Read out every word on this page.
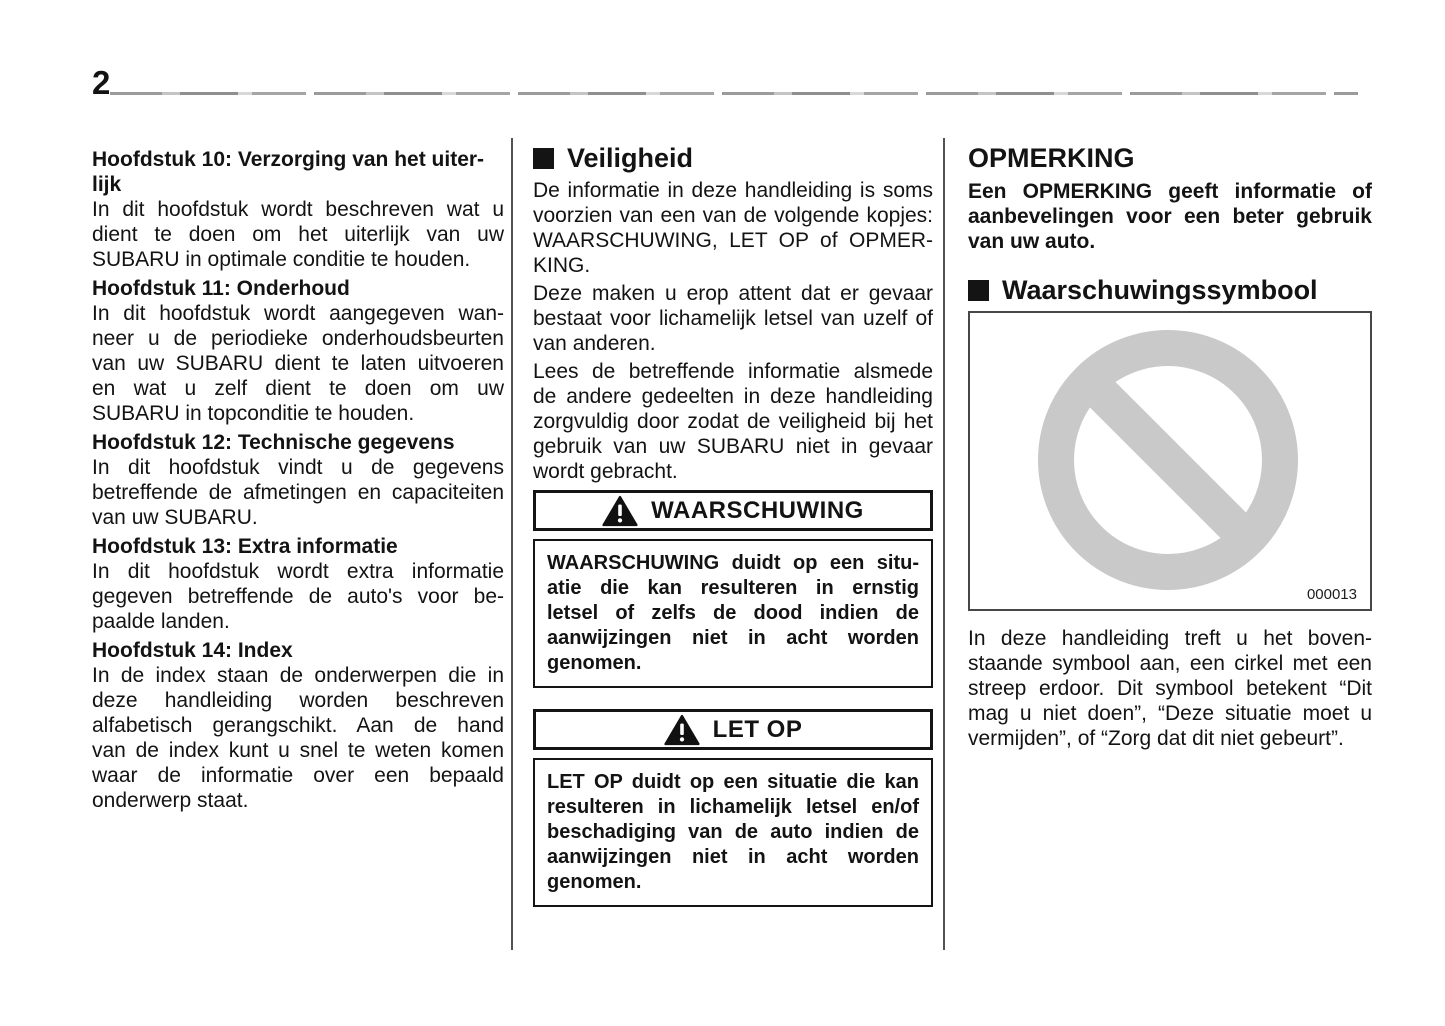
2
Hoofdstuk 10: Verzorging van het uiter-
lijk
In dit hoofdstuk wordt beschreven wat u
dient te doen om het uiterlijk van uw
SUBARU in optimale conditie te houden.
Hoofdstuk 11: Onderhoud
In dit hoofdstuk wordt aangegeven wan-
neer u de periodieke onderhoudsbeurten
van uw SUBARU dient te laten uitvoeren
en wat u zelf dient te doen om uw
SUBARU in topconditie te houden.
Hoofdstuk 12: Technische gegevens
In dit hoofdstuk vindt u de gegevens
betreffende de afmetingen en capaciteiten
van uw SUBARU.
Hoofdstuk 13: Extra informatie
In dit hoofdstuk wordt extra informatie
gegeven betreffende de auto's voor be-
paalde landen.
Hoofdstuk 14: Index
In de index staan de onderwerpen die in
deze handleiding worden beschreven
alfabetisch gerangschikt. Aan de hand
van de index kunt u snel te weten komen
waar de informatie over een bepaald
onderwerp staat.
Veiligheid
De informatie in deze handleiding is soms
voorzien van een van de volgende kopjes:
WAARSCHUWING, LET OP of OPMER-
KING.
Deze maken u erop attent dat er gevaar
bestaat voor lichamelijk letsel van uzelf of
van anderen.
Lees de betreffende informatie alsmede
de andere gedeelten in deze handleiding
zorgvuldig door zodat de veiligheid bij het
gebruik van uw SUBARU niet in gevaar
wordt gebracht.
WAARSCHUWING
WAARSCHUWING duidt op een situ-
atie die kan resulteren in ernstig
letsel of zelfs de dood indien de
aanwijzingen niet in acht worden
genomen.
LET OP
LET OP duidt op een situatie die kan
resulteren in lichamelijk letsel en/of
beschadiging van de auto indien de
aanwijzingen niet in acht worden
genomen.
OPMERKING
Een OPMERKING geeft informatie of
aanbevelingen voor een beter gebruik
van uw auto.
Waarschuwingssymbool
000013
In deze handleiding treft u het boven-
staande symbool aan, een cirkel met een
streep erdoor. Dit symbool betekent “Dit
mag u niet doen”, “Deze situatie moet u
vermijden”, of “Zorg dat dit niet gebeurt”.
